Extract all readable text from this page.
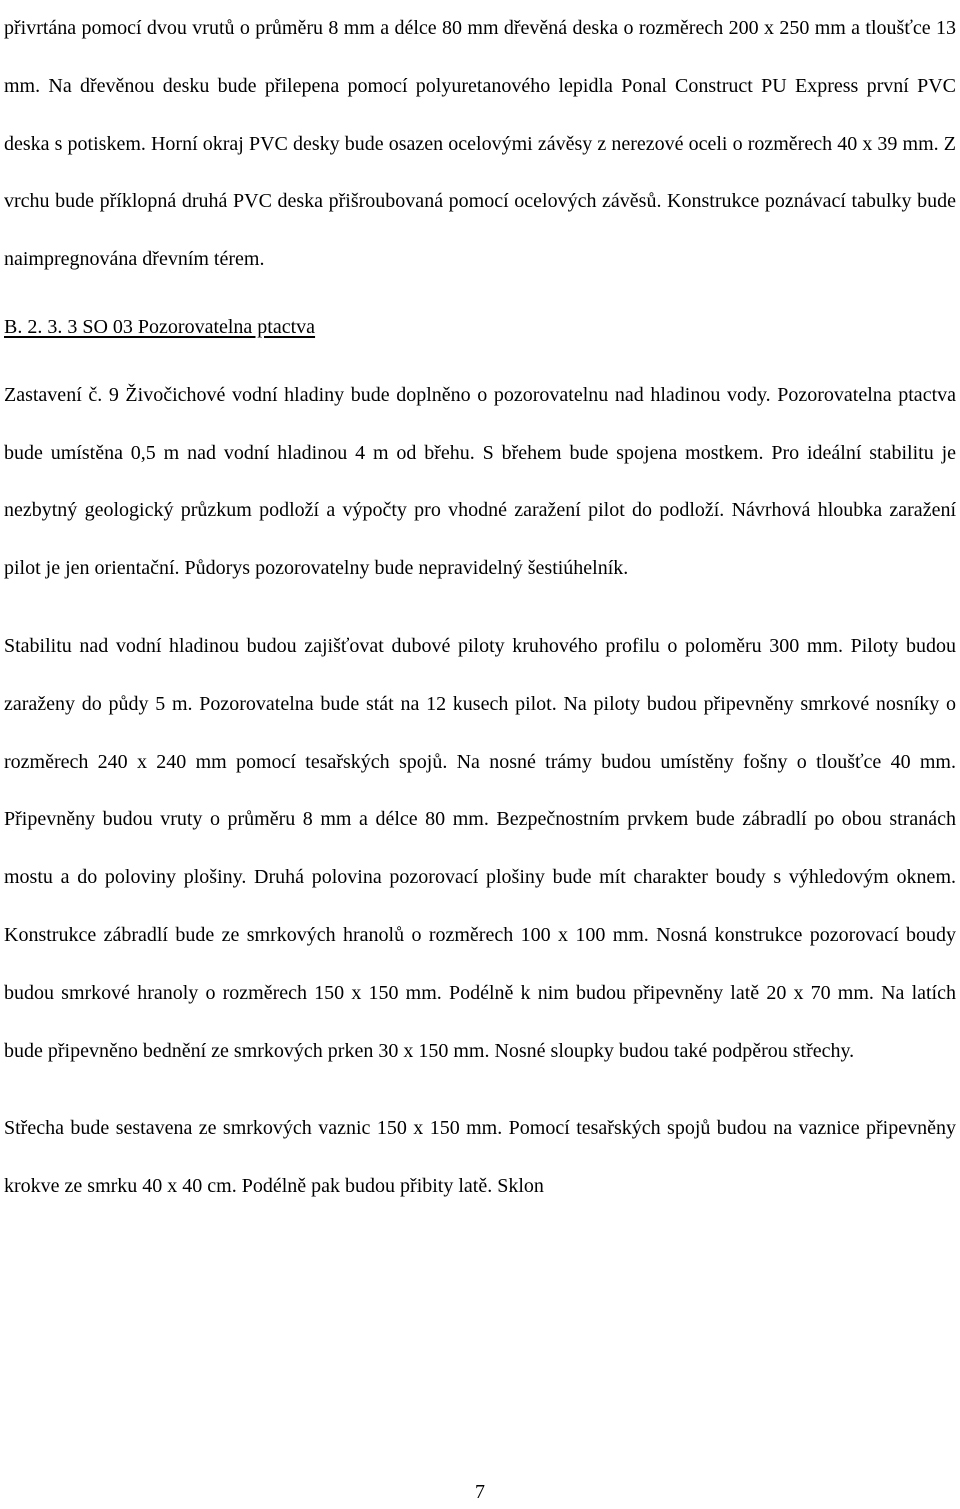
přivrtána pomocí dvou vrutů o průměru 8 mm a délce 80 mm dřevěná deska o rozměrech 200 x 250 mm a tloušťce 13 mm. Na dřevěnou desku bude přilepena pomocí polyuretanového lepidla Ponal Construct PU Express první PVC deska s potiskem. Horní okraj PVC desky bude osazen ocelovými závěsy z nerezové oceli o rozměrech 40 x 39 mm. Z vrchu bude příklopná druhá PVC deska přišroubovaná pomocí ocelových závěsů. Konstrukce poznávací tabulky bude naimpregnována dřevním térem.

B. 2. 3. 3 SO 03 Pozorovatelna ptactva

Zastavení č. 9 Živočichové vodní hladiny bude doplněno o pozorovatelnu nad hladinou vody. Pozorovatelna ptactva bude umístěna 0,5 m nad vodní hladinou 4 m od břehu. S břehem bude spojena mostkem. Pro ideální stabilitu je nezbytný geologický průzkum podloží a výpočty pro vhodné zaražení pilot do podloží. Návrhová hloubka zaražení pilot je jen orientační. Půdorys pozorovatelny bude nepravidelný šestiúhelník.

Stabilitu nad vodní hladinou budou zajišťovat dubové piloty kruhového profilu o poloměru 300 mm. Piloty budou zaraženy do půdy 5 m. Pozorovatelna bude stát na 12 kusech pilot. Na piloty budou připevněny smrkové nosníky o rozměrech 240 x 240 mm pomocí tesařských spojů. Na nosné trámy budou umístěny fošny o tloušťce 40 mm. Připevněny budou vruty o průměru 8 mm a délce 80 mm. Bezpečnostním prvkem bude zábradlí po obou stranách mostu a do poloviny plošiny. Druhá polovina pozorovací plošiny bude mít charakter boudy s výhledovým oknem. Konstrukce zábradlí bude ze smrkových hranolů o rozměrech 100 x 100 mm. Nosná konstrukce pozorovací boudy budou smrkové hranoly o rozměrech 150 x 150 mm. Podélně k nim budou připevněny latě 20 x 70 mm. Na latích bude připevněno bednění ze smrkových prken 30 x 150 mm. Nosné sloupky budou také podpěrou střechy.

Střecha bude sestavena ze smrkových vaznic 150 x 150 mm. Pomocí tesařských spojů budou na vaznice připevněny krokve ze smrku 40 x 40 cm. Podélně pak budou přibity latě. Sklon

7
